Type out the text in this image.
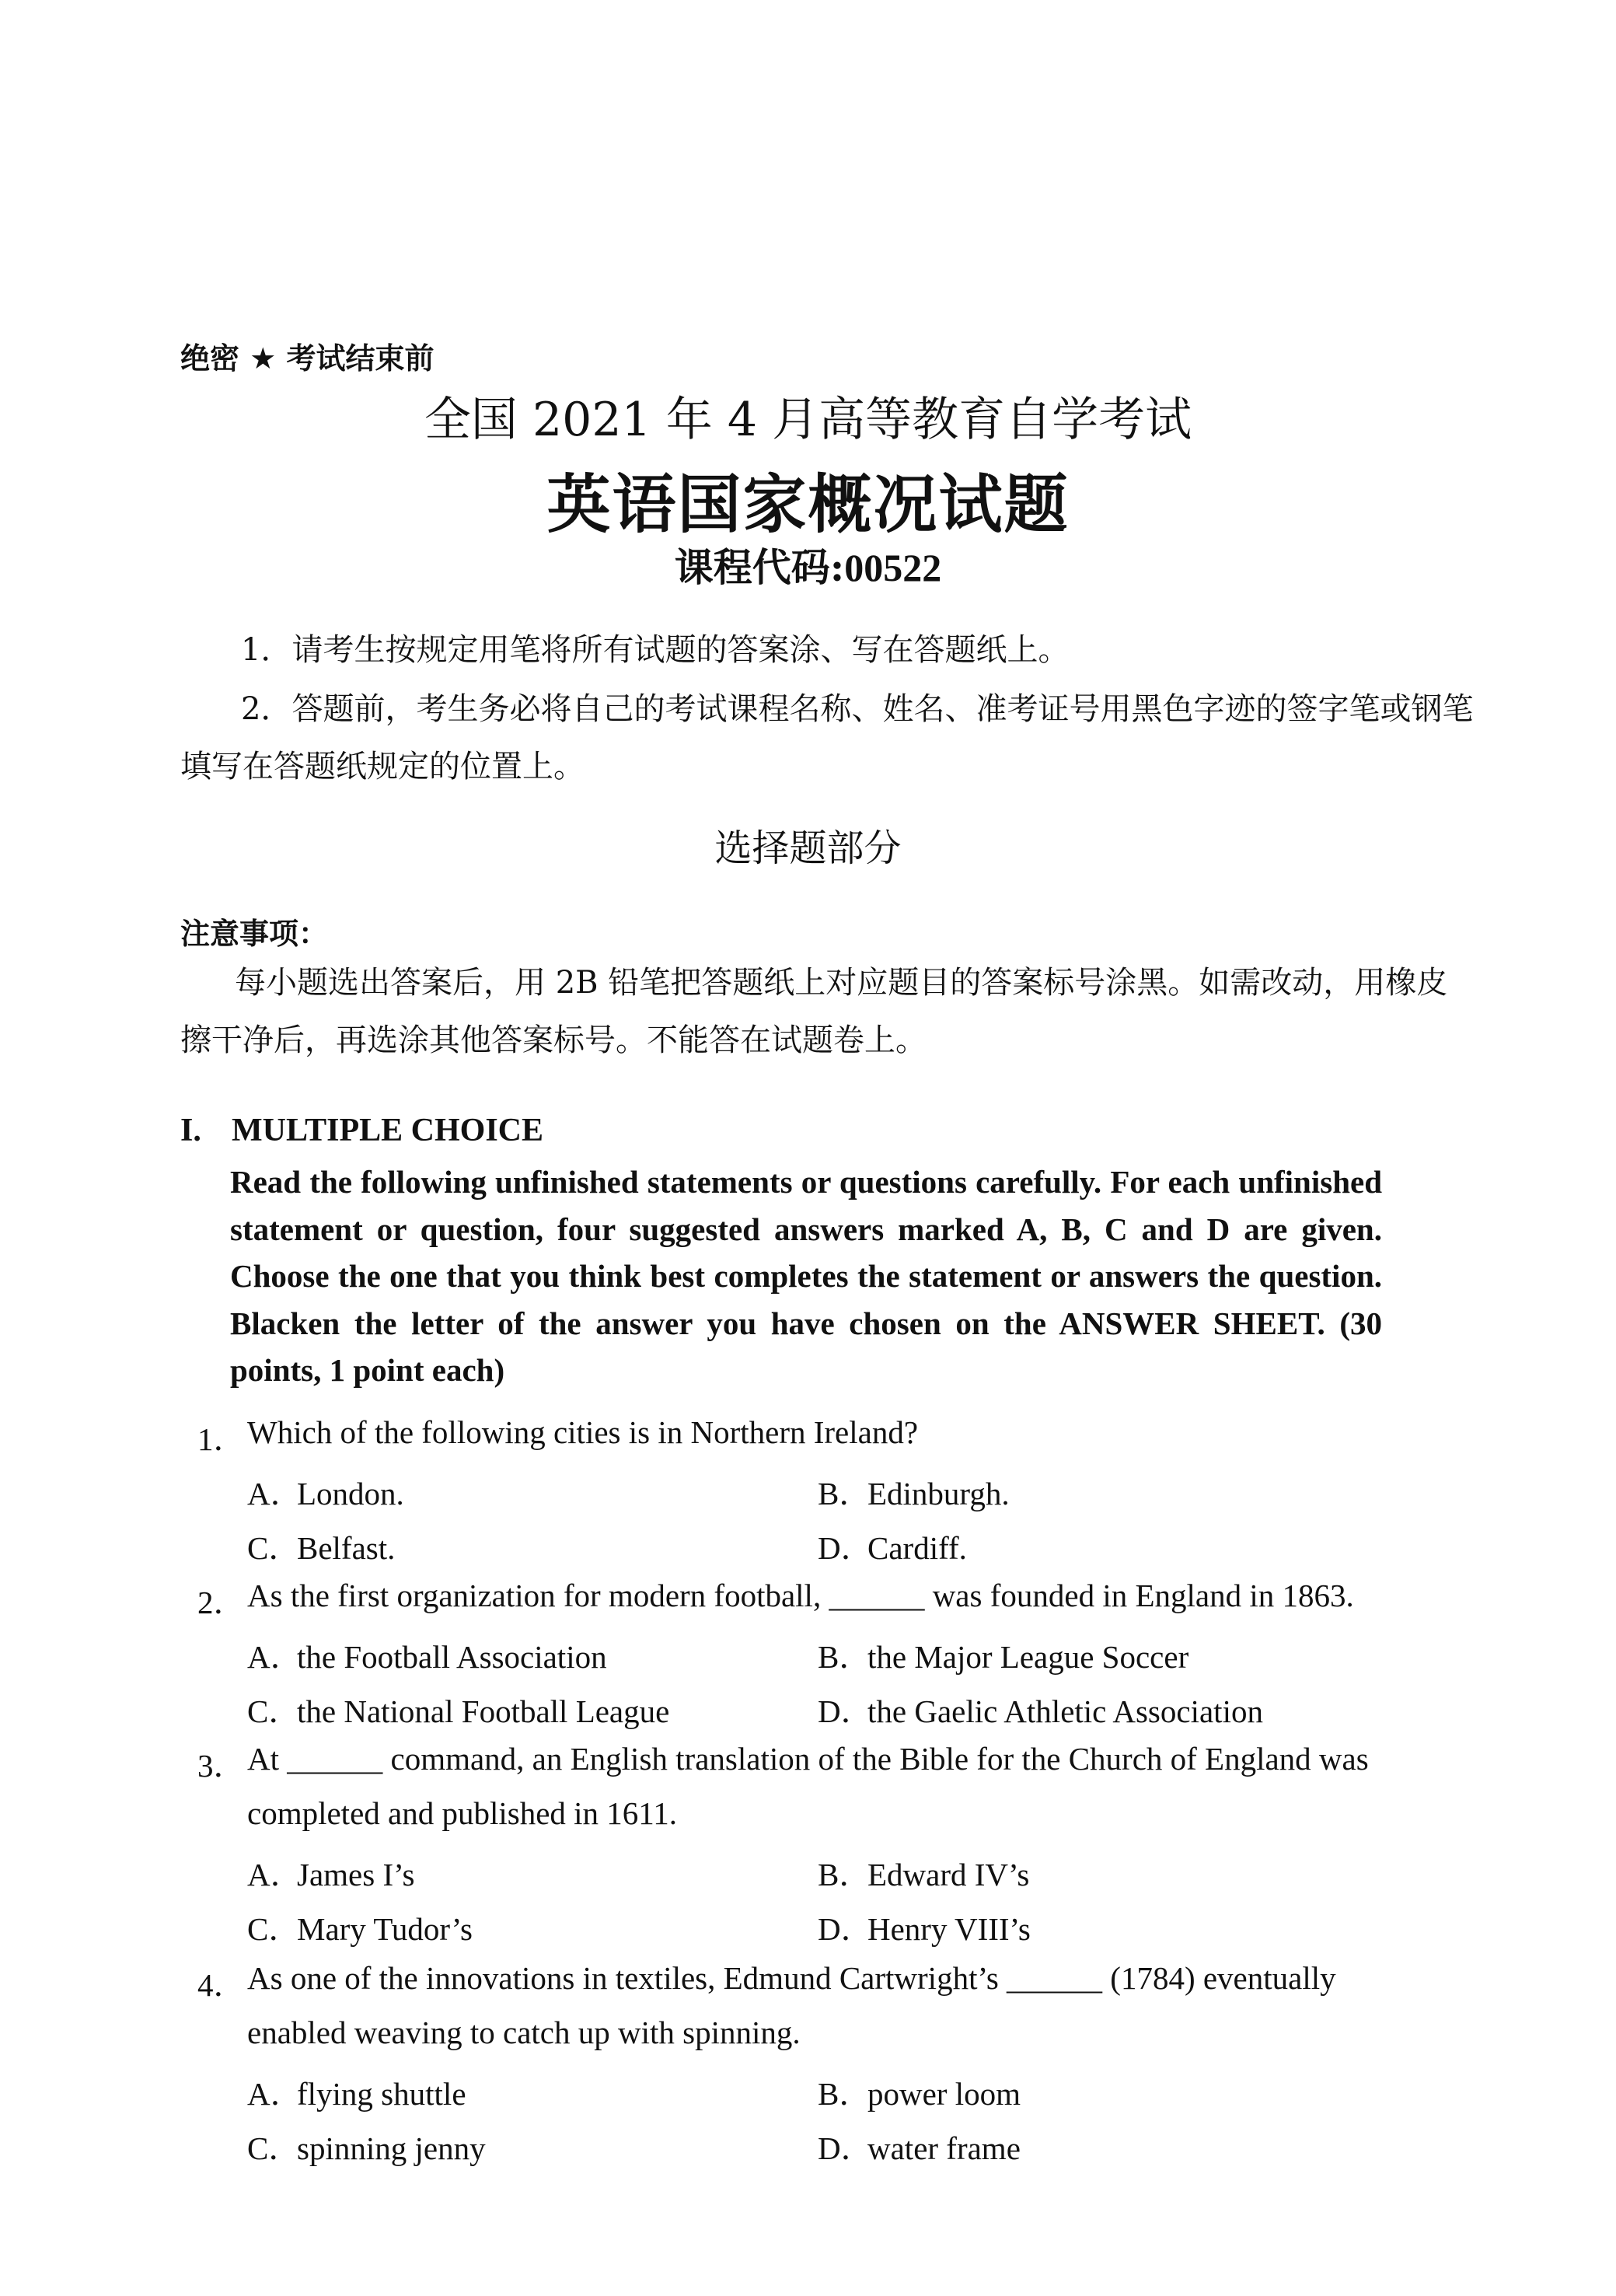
绝密 ★ 考试结束前
全国 2021 年 4 月高等教育自学考试
英语国家概况试题
课程代码:00522
1．请考生按规定用笔将所有试题的答案涂、写在答题纸上。
2．答题前，考生务必将自己的考试课程名称、姓名、准考证号用黑色字迹的签字笔或钢笔
填写在答题纸规定的位置上。
选择题部分
注意事项：
每小题选出答案后，用 2B 铅笔把答题纸上对应题目的答案标号涂黑。如需改动，用橡皮
擦干净后，再选涂其他答案标号。不能答在试题卷上。
I. MULTIPLE CHOICE
Read the following unfinished statements or questions carefully. For each unfinished statement or question, four suggested answers marked A, B, C and D are given. Choose the one that you think best completes the statement or answers the question. Blacken the letter of the answer you have chosen on the ANSWER SHEET. (30 points, 1 point each)
1． Which of the following cities is in Northern Ireland?
A．London.	B．Edinburgh.
C．Belfast.	D．Cardiff.
2． As the first organization for modern football, ______ was founded in England in 1863.
A．the Football Association	B．the Major League Soccer
C．the National Football League	D．the Gaelic Athletic Association
3． At ______ command, an English translation of the Bible for the Church of England was
completed and published in 1611.
A．James I’s	B．Edward IV’s
C．Mary Tudor’s	D．Henry VIII’s
4． As one of the innovations in textiles, Edmund Cartwright’s ______ (1784) eventually
enabled weaving to catch up with spinning.
A．flying shuttle	B．power loom
C．spinning jenny	D．water frame
